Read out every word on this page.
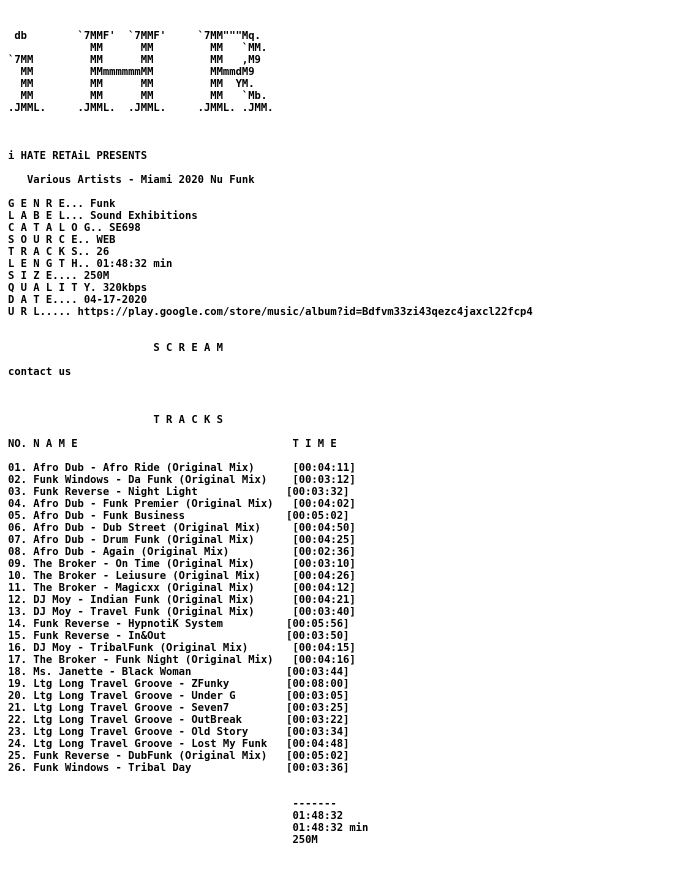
db        `7MMF'  `7MMF'     `7MM"""Mq.
MM      MM         MM   `MM.
`7MM         MM      MM         MM   ,M9
MM         MMmmmmmmMM         MMmmdM9
MM         MM      MM         MM  YM.
MM         MM      MM         MM   `Mb.
.JMML.     .JMML.  .JMML.     .JMML. .JMM.

i HATE RETAiL PRESENTS

Various Artists - Miami 2020 Nu Funk

G E N R E... Funk
L A B E L... Sound Exhibitions
C A T A L O G.. SE698
S O U R C E.. WEB
T R A C K S.. 26
L E N G T H.. 01:48:32 min
S I Z E.... 250M
Q U A L I T Y. 320kbps
D A T E.... 04-17-2020
U R L..... https://play.google.com/store/music/album?id=Bdfvm33zi43qezc4jaxcl22fcp4

S C R E A M

contact us

T R A C K S

NO. N A M E                                  T I M E

01. Afro Dub - Afro Ride (Original Mix)      [00:04:11]
02. Funk Windows - Da Funk (Original Mix)    [00:03:12]
03. Funk Reverse - Night Light              [00:03:32]
04. Afro Dub - Funk Premier (Original Mix)   [00:04:02]
05. Afro Dub - Funk Business                [00:05:02]
06. Afro Dub - Dub Street (Original Mix)     [00:04:50]
07. Afro Dub - Drum Funk (Original Mix)      [00:04:25]
08. Afro Dub - Again (Original Mix)          [00:02:36]
09. The Broker - On Time (Original Mix)      [00:03:10]
10. The Broker - Leiusure (Original Mix)     [00:04:26]
11. The Broker - Magicxx (Original Mix)      [00:04:12]
12. DJ Moy - Indian Funk (Original Mix)      [00:04:21]
13. DJ Moy - Travel Funk (Original Mix)      [00:03:40]
14. Funk Reverse - HypnotiK System          [00:05:56]
15. Funk Reverse - In&Out                   [00:03:50]
16. DJ Moy - TribalFunk (Original Mix)       [00:04:15]
17. The Broker - Funk Night (Original Mix)   [00:04:16]
18. Ms. Janette - Black Woman               [00:03:44]
19. Ltg Long Travel Groove - ZFunky         [00:08:00]
20. Ltg Long Travel Groove - Under G        [00:03:05]
21. Ltg Long Travel Groove - Seven7         [00:03:25]
22. Ltg Long Travel Groove - OutBreak       [00:03:22]
23. Ltg Long Travel Groove - Old Story      [00:03:34]
24. Ltg Long Travel Groove - Lost My Funk   [00:04:48]
25. Funk Reverse - DubFunk (Original Mix)   [00:05:02]
26. Funk Windows - Tribal Day               [00:03:36]

-------
01:48:32
01:48:32 min
250M
